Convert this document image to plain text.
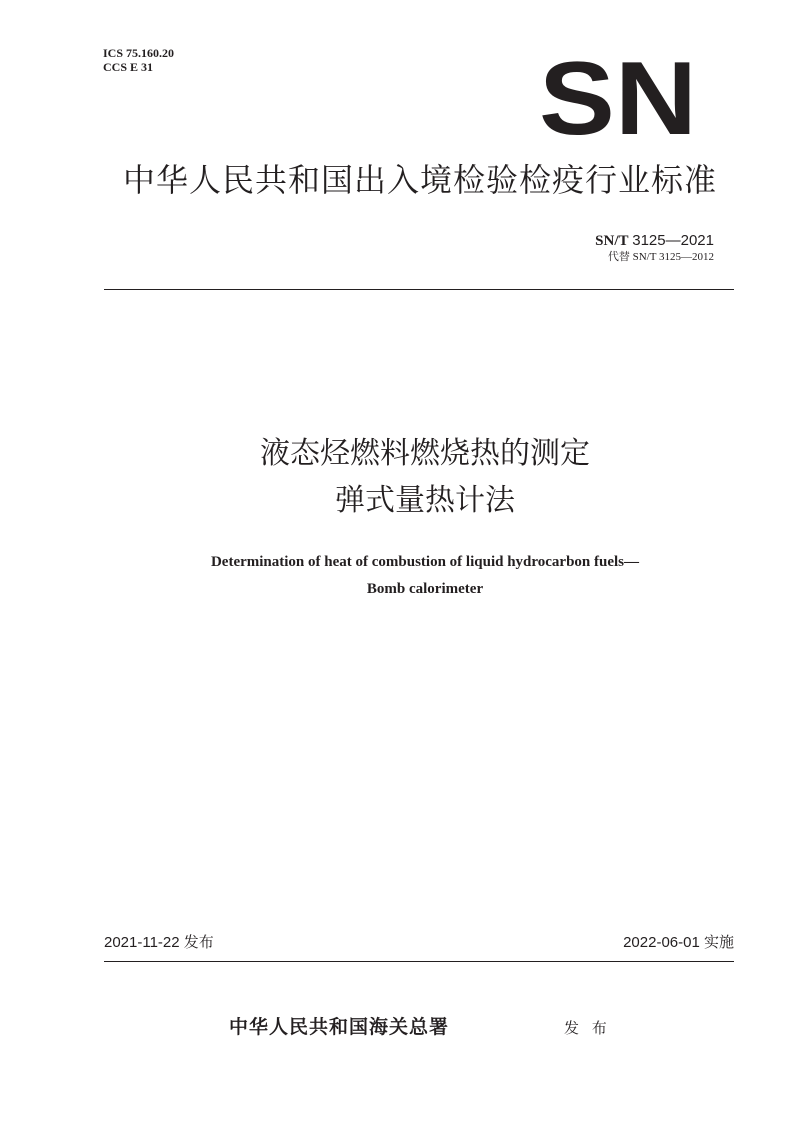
ICS 75.160.20
CCS E 31	SN
中华人民共和国出入境检验检疫行业标准
SN/T 3125—2021
代替 SN/T 3125—2012
液态烃燃料燃烧热的测定
弹式量热计法
Determination of heat of combustion of liquid hydrocarbon fuels—
Bomb calorimeter
2021-11-22 发布	2022-06-01 实施
中华人民共和国海关总署	发 布
